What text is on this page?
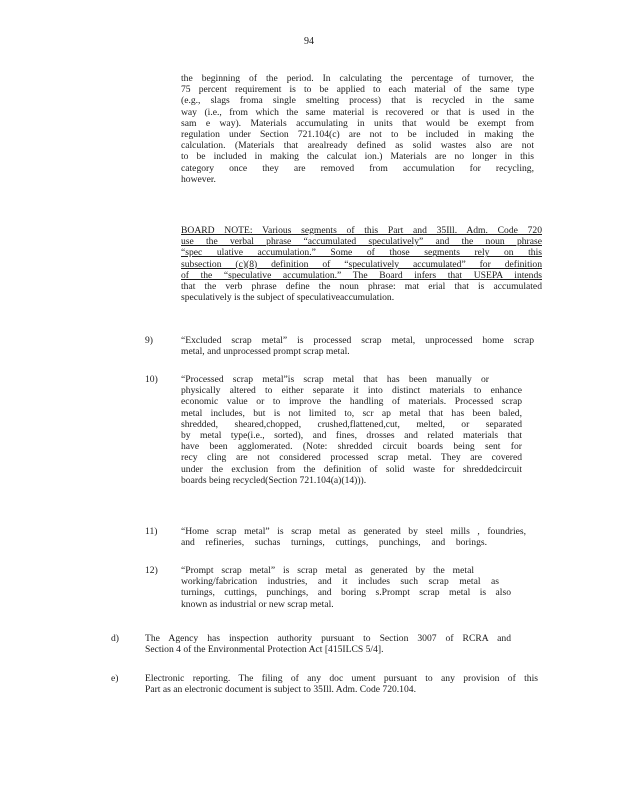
94
the beginning of the period. In calculating the percentage of turnover, the
75 percent requirement is to be applied to each material of the same type
(e.g., slags froma single smelting process) that is recycled in the same
way (i.e., from which the same material is recovered or that is used in the
sam e way). Materials accumulating in units that would be exempt from
regulation under Section 721.104(c) are not to be included in making the
calculation. (Materials that arealready defined as solid wastes also are not
to be included in making the calculat ion.) Materials are no longer in this
category once they are removed from accumulation for recycling,
however.
BOARD NOTE: Various segments of this Part and 35Ill. Adm. Code 720
use the verbal phrase “accumulated speculatively” and the noun phrase
“spec ulative accumulation.” Some of those segments rely on this
subsection (c)(8) definition of “speculatively accumulated” for definition
of the “speculative accumulation.” The Board infers that USEPA intends
that the verb phrase define the noun phrase: mat erial that is accumulated
speculatively is the subject of speculativeaccumulation.
9)	“Excluded scrap metal” is processed scrap metal, unprocessed home scrap
metal, and unprocessed prompt scrap metal.
10) “Processed scrap metal”is scrap metal that has been manually or
physically altered to either separate it into distinct materials to enhance
economic value or to improve the handling of materials. Processed scrap
metal includes, but is not limited to, scr ap metal that has been baled,
shredded, sheared,chopped, crushed,flattened,cut, melted, or separated
by metal type(i.e., sorted), and fines, drosses and related materials that
have been agglomerated. (Note: shredded circuit boards being sent for
recy cling are not considered processed scrap metal. They are covered
under the exclusion from the definition of solid waste for shreddedcircuit
boards being recycled(Section 721.104(a)(14))).
11) “Home scrap metal” is scrap metal as generated by steel mills , foundries,
and refineries, suchas turnings, cuttings, punchings, and borings.
12) “Prompt scrap metal” is scrap metal as generated by the metal
working/fabrication industries, and it includes such scrap metal as
turnings, cuttings, punchings, and boring s.Prompt scrap metal is also
known as industrial or new scrap metal.
d)	The Agency has inspection authority pursuant to Section 3007 of RCRA and
Section 4 of the Environmental Protection Act [415ILCS 5/4].
e)	Electronic reporting. The filing of any doc ument pursuant to any provision of this
Part as an electronic document is subject to 35Ill. Adm. Code 720.104.
